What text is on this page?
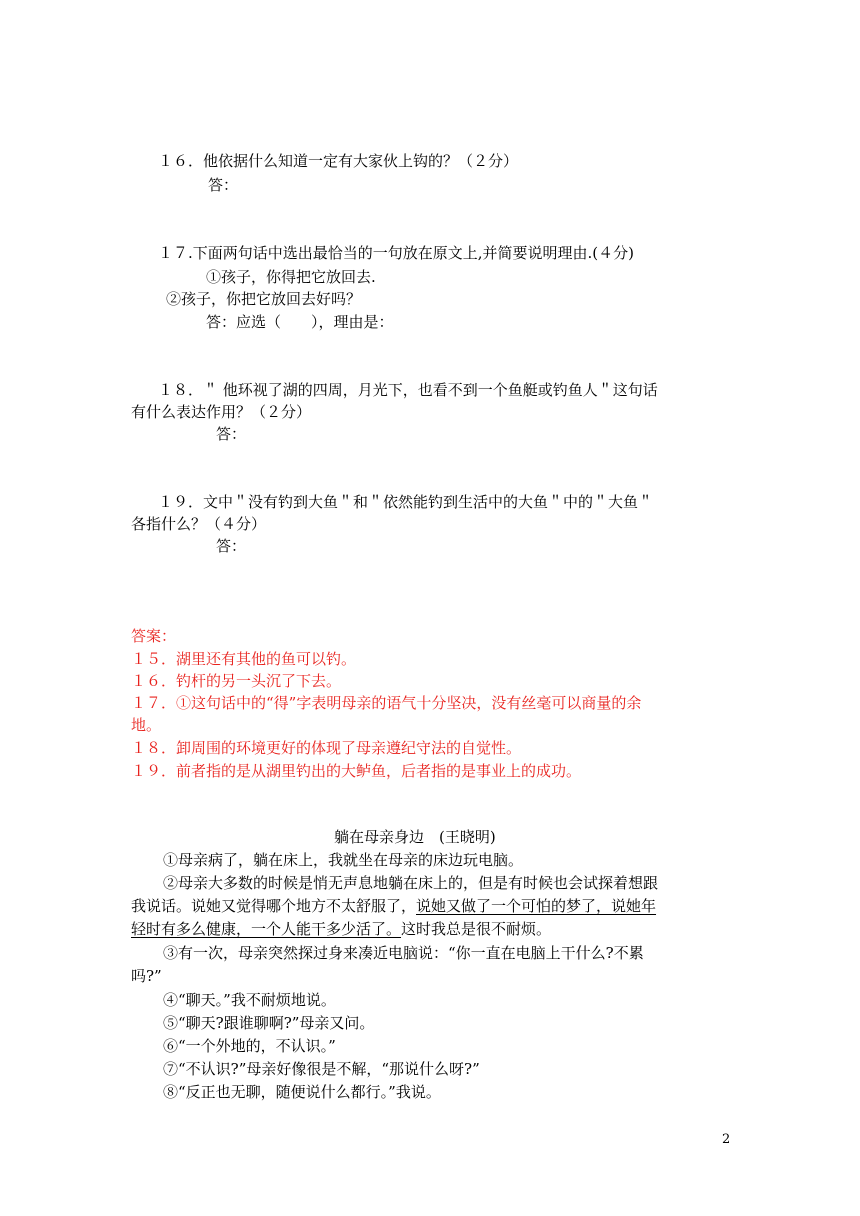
１６．他依据什么知道一定有大家伙上钩的？（２分）
答：
１７.下面两句话中选出最恰当的一句放在原文上,并简要说明理由.(４分)
①孩子，你得把它放回去.
②孩子，你把它放回去好吗？
答：应选（　　），理由是：
１８．＂ 他环视了湖的四周，月光下，也看不到一个鱼艇或钓鱼人＂这句话
有什么表达作用？（２分）
答：
１９．文中＂没有钓到大鱼＂和＂依然能钓到生活中的大鱼＂中的＂大鱼＂
各指什么？（４分）
答：
答案：
１５．湖里还有其他的鱼可以钓。
１６．钓杆的另一头沉了下去。
１７．①这句话中的“得”字表明母亲的语气十分坚决，没有丝毫可以商量的余
地。
１８．卸周围的环境更好的体现了母亲遵纪守法的自觉性。
１９．前者指的是从湖里钓出的大鲈鱼，后者指的是事业上的成功。
躺在母亲身边　(王晓明)
①母亲病了，躺在床上，我就坐在母亲的床边玩电脑。
②母亲大多数的时候是悄无声息地躺在床上的，但是有时候也会试探着想跟
我说话。说她又觉得哪个地方不太舒服了，说她又做了一个可怕的梦了，说她年
轻时有多么健康，一个人能干多少活了。这时我总是很不耐烦。
③有一次，母亲突然探过身来凑近电脑说：“你一直在电脑上干什么?不累
吗?”
④“聊天。”我不耐烦地说。
⑤“聊天?跟谁聊啊?”母亲又问。
⑥“一个外地的，不认识。”
⑦“不认识?”母亲好像很是不解，“那说什么呀?”
⑧“反正也无聊，随便说什么都行。”我说。
2
